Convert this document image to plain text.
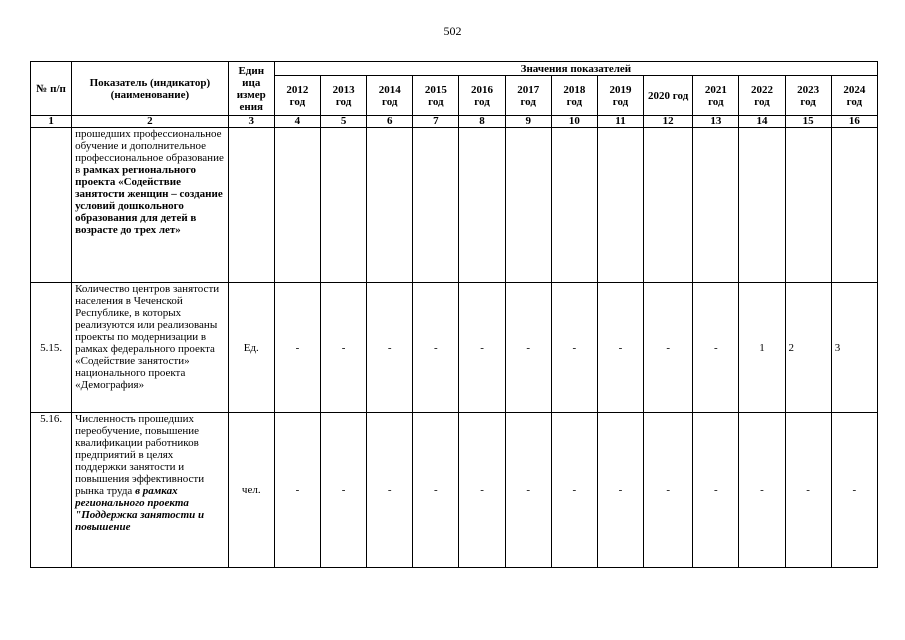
502
№ п/п	Показатель (индикатор) (наименование)	Един ица измер ения	Значения показателей												
			2012 год	2013 год	2014 год	2015 год	2016 год	2017 год	2018 год	2019 год	2020 год	2021 год	2022 год	2023 год	2024 год
1	2	3	4	5	6	7	8	9	10	11	12	13	14	15	16
	прошедших профессиональное обучение и дополнительное профессиональное образование в рамках регионального проекта «Содействие занятости женщин – создание условий дошкольного образования для детей в возрасте до трех лет»														
5.15.	Количество центров занятости населения в Чеченской Республике, в которых реализуются или реализованы проекты по модернизации в рамках федерального проекта «Содействие занятости» национального проекта «Демография»	Ед.	-	-	-	-	-	-	-	-	-	-	1	2	3
5.16.	Численность прошедших переобучение, повышение квалификации работников предприятий в целях поддержки занятости и повышения эффективности рынка труда в рамках регионального проекта "Поддержка занятости и повышение	чел.	-	-	-	-	-	-	-	-	-	-	-	-	-
